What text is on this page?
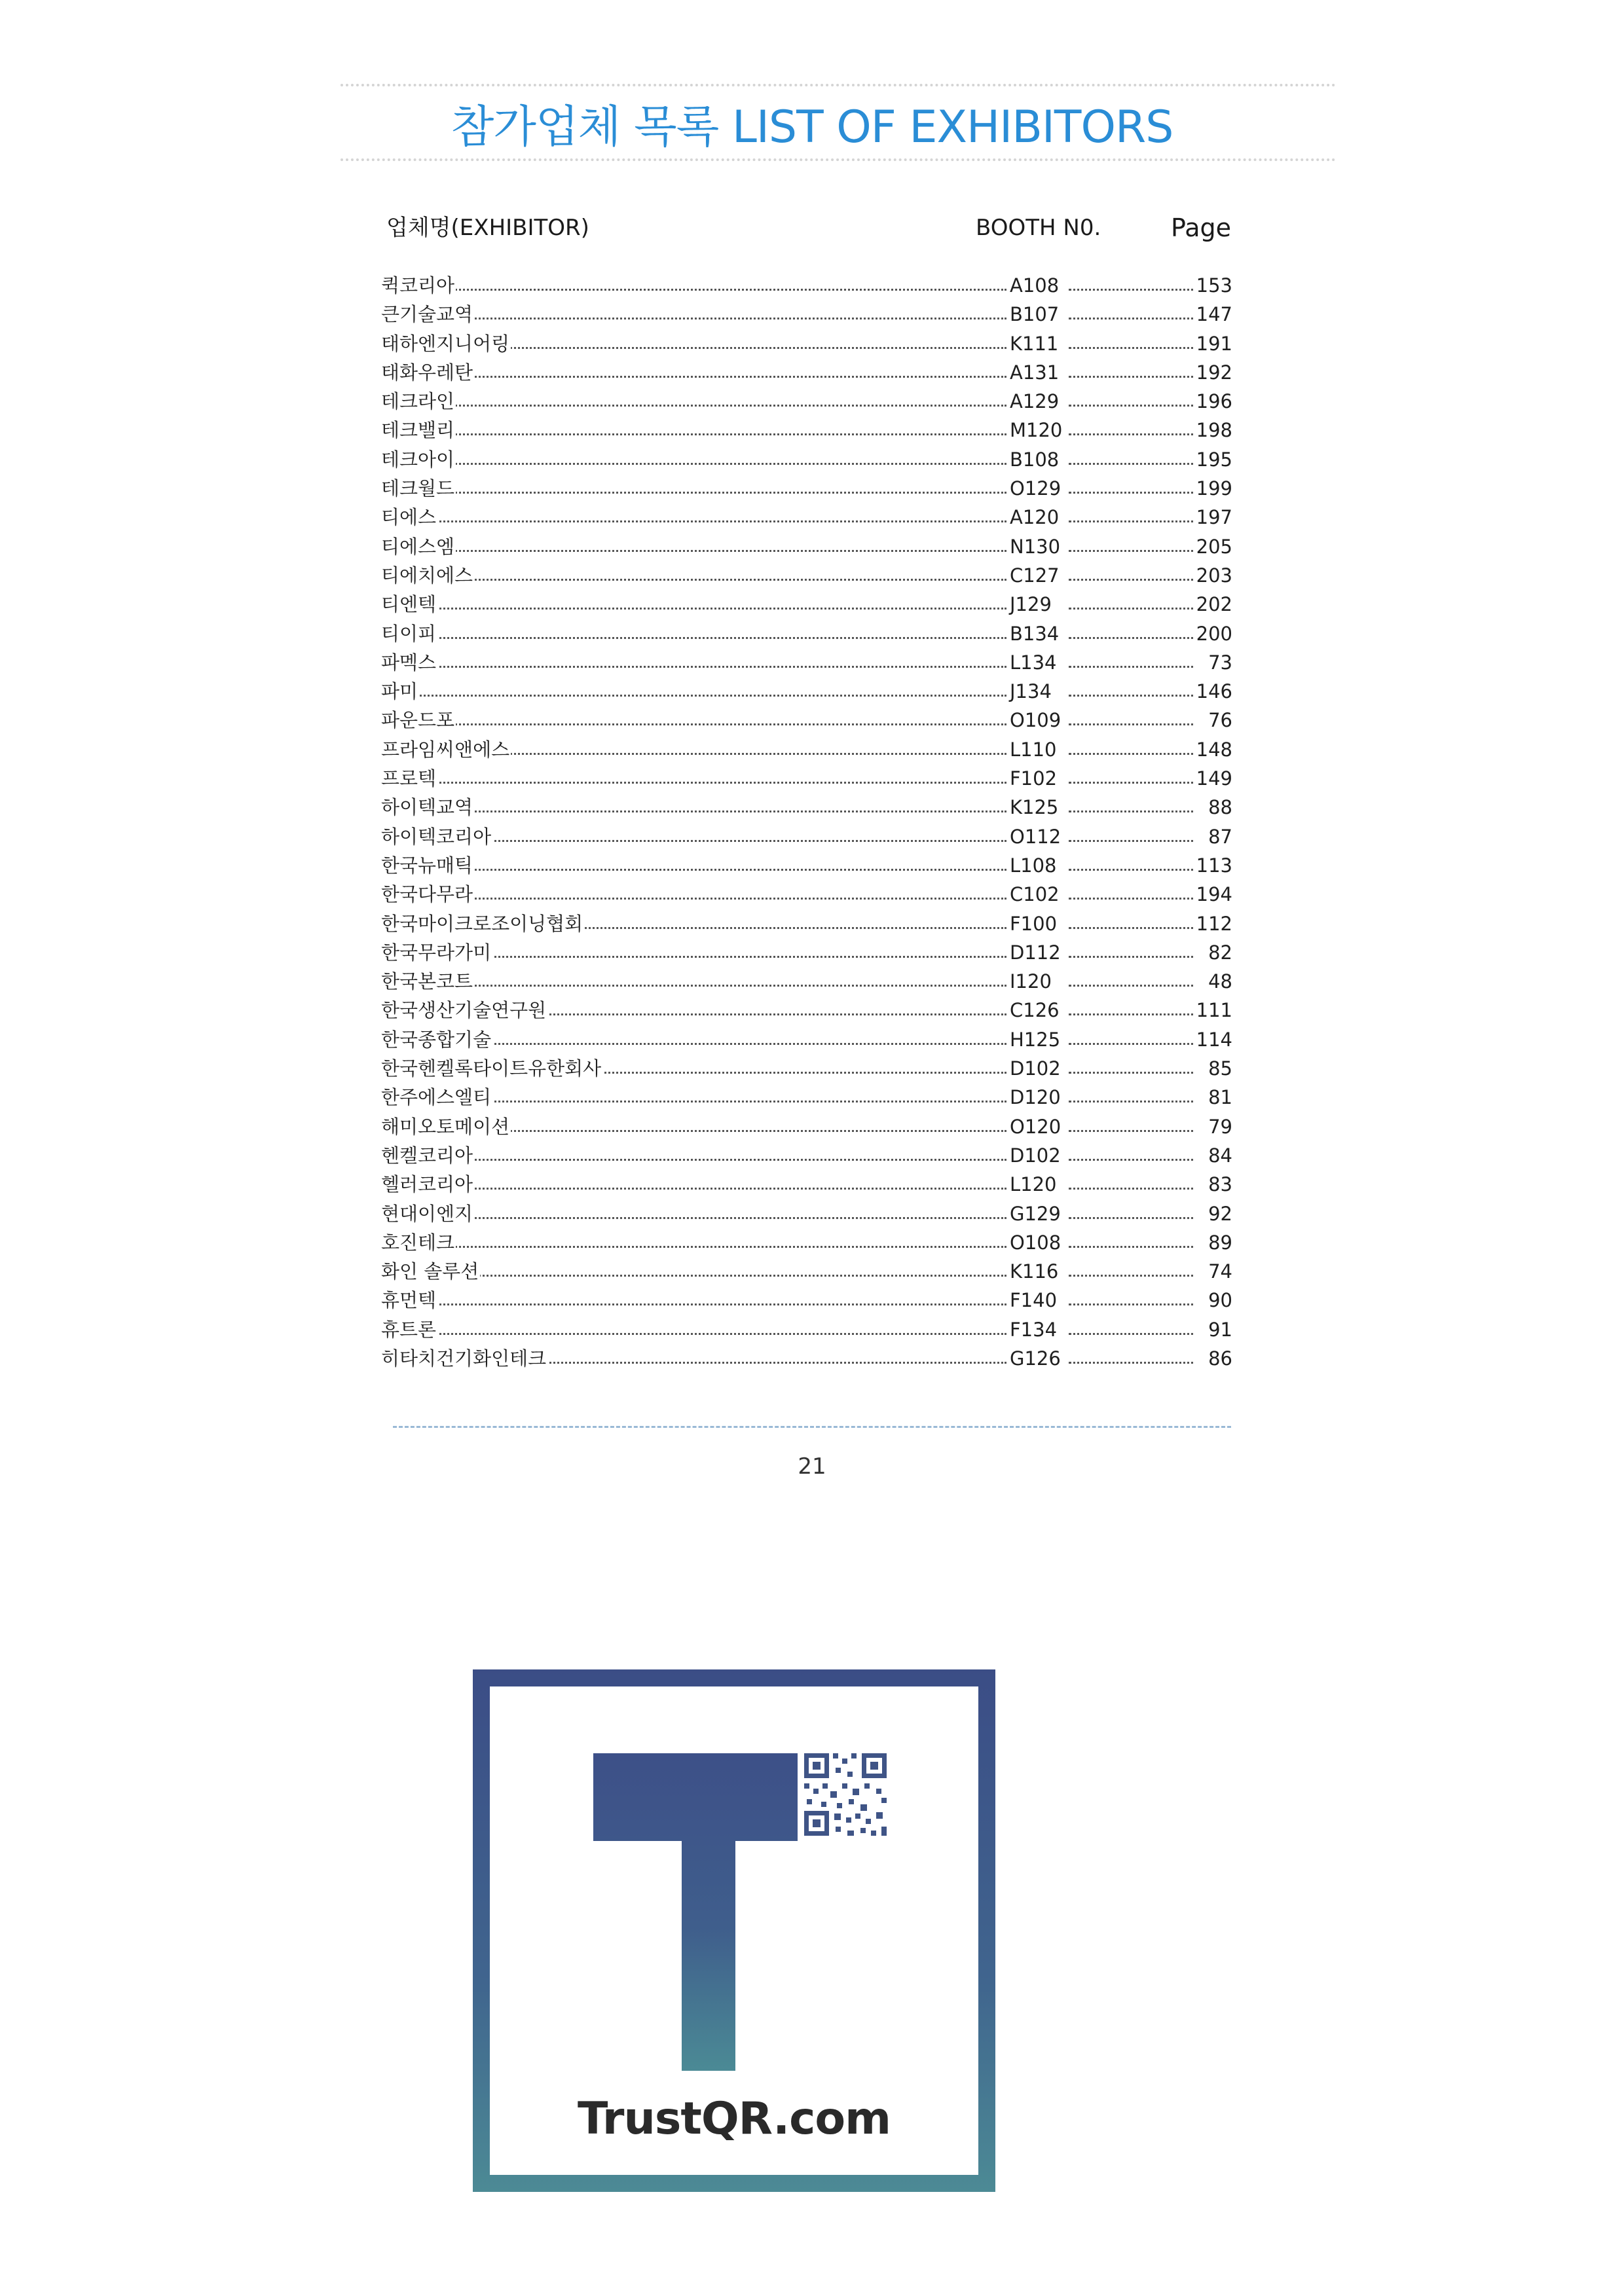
참가업체 목록 LIST OF EXHIBITORS
업체명(EXHIBITOR)	BOOTH N0.	Page
퀵코리아	A108	153
큰기술교역	B107	147
태하엔지니어링	K111	191
태화우레탄	A131	192
테크라인	A129	196
테크밸리	M120	198
테크아이	B108	195
테크월드	O129	199
티에스	A120	197
티에스엠	N130	205
티에치에스	C127	203
티엔텍	J129	202
티이피	B134	200
파멕스	L134	73
파미	J134	146
파운드포	O109	76
프라임씨앤에스	L110	148
프로텍	F102	149
하이텍교역	K125	88
하이텍코리아	O112	87
한국뉴매틱	L108	113
한국다무라	C102	194
한국마이크로조이닝협회	F100	112
한국무라가미	D112	82
한국본코트	I120	48
한국생산기술연구원	C126	111
한국종합기술	H125	114
한국헨켈록타이트유한회사	D102	85
한주에스엘티	D120	81
해미오토메이션	O120	79
헨켈코리아	D102	84
헬러코리아	L120	83
현대이엔지	G129	92
호진테크	O108	89
화인 솔루션	K116	74
휴먼텍	F140	90
휴트론	F134	91
히타치건기화인테크	G126	86
21
TrustQR.com
